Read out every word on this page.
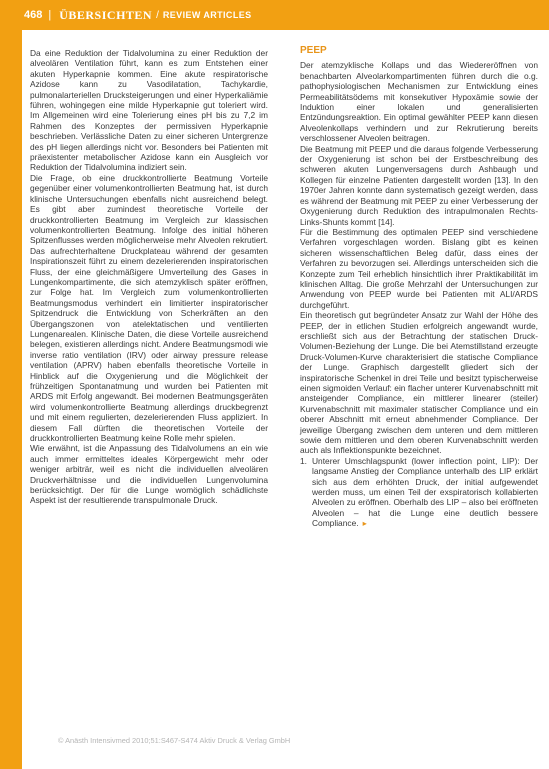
468 | ÜBERSICHTEN / REVIEW ARTICLES

Da eine Reduktion der Tidalvolumina zu einer Reduktion der alveolären Ventilation führt, kann es zum Entstehen einer akuten Hyperkapnie kommen. Eine akute respiratorische Azidose kann zu Vasodilatation, Tachykardie, pulmonalarteriellen Drucksteigerungen und einer Hyperkaliämie führen, wohingegen eine milde Hyperkapnie gut toleriert wird. Im Allgemeinen wird eine Tolerierung eines pH bis zu 7,2 im Rahmen des Konzeptes der permissiven Hyperkapnie beschrieben. Verlässliche Daten zu einer sicheren Untergrenze des pH liegen allerdings nicht vor. Besonders bei Patienten mit präexistenter metabolischer Azidose kann ein Ausgleich vor Reduktion der Tidalvolumina indiziert sein.

Die Frage, ob eine druckkontrollierte Beatmung Vorteile gegenüber einer volumenkontrollierten Beatmung hat, ist durch klinische Untersuchungen ebenfalls nicht ausreichend belegt. Es gibt aber zumindest theoretische Vorteile der druckkontrollierten Beatmung im Vergleich zur klassischen volumenkontrollierten Beatmung. Infolge des initial höheren Spitzenflusses werden möglicherweise mehr Alveolen rekrutiert. Das aufrechterhaltene Druckplateau während der gesamten Inspirationszeit führt zu einem dezelerierenden inspiratorischen Fluss, der eine gleichmäßigere Umverteilung des Gases in Lungenkompartimente, die sich atemzyklisch später eröffnen, zur Folge hat. Im Vergleich zum volumenkontrollierten Beatmungsmodus verhindert ein limitierter inspiratorischer Spitzendruck die Entwicklung von Scherkräften an den Übergangszonen von atelektatischen und ventilierten Lungenarealen. Klinische Daten, die diese Vorteile ausreichend belegen, existieren allerdings nicht. Andere Beatmungsmodi wie inverse ratio ventilation (IRV) oder airway pressure release ventilation (APRV) haben ebenfalls theoretische Vorteile in Hinblick auf die Oxygenierung und die Möglichkeit der frühzeitigen Spontanatmung und wurden bei Patienten mit ARDS mit Erfolg angewandt. Bei modernen Beatmungsgeräten wird volumenkontrollierte Beatmung allerdings druckbegrenzt und mit einem regulierten, dezelerierenden Fluss appliziert. In diesem Fall dürften die theoretischen Vorteile der druckkontrollierten Beatmung keine Rolle mehr spielen.

Wie erwähnt, ist die Anpassung des Tidalvolumens an ein wie auch immer ermitteltes ideales Körpergewicht mehr oder weniger arbiträr, weil es nicht die individuellen alveolären Druckverhältnisse und die individuellen Lungenvolumina berücksichtigt. Der für die Lunge womöglich schädlichste Aspekt ist der resultierende transpulmonale Druck.

PEEP

Der atemzyklische Kollaps und das Wiedereröffnen von benachbarten Alveolarkompartimenten führen durch die o.g. pathophysiologischen Mechanismen zur Entwicklung eines Permeabilitätsödems mit konsekutiver Hypoxämie sowie der Induktion einer lokalen und generalisierten Entzündungsreaktion. Ein optimal gewählter PEEP kann diesen Alveolenkollaps verhindern und zur Rekrutierung bereits verschlossener Alveolen beitragen.

Die Beatmung mit PEEP und die daraus folgende Verbesserung der Oxygenierung ist schon bei der Erstbeschreibung des schweren akuten Lungenversagens durch Ashbaugh und Kollegen für einzelne Patienten dargestellt worden [13]. In den 1970er Jahren konnte dann systematisch gezeigt werden, dass es während der Beatmung mit PEEP zu einer Verbesserung der Oxygenierung durch Reduktion des intrapulmonalen Rechts-Links-Shunts kommt [14].

Für die Bestimmung des optimalen PEEP sind verschiedene Verfahren vorgeschlagen worden. Bislang gibt es keinen sicheren wissenschaftlichen Beleg dafür, dass eines der Verfahren zu bevorzugen sei. Allerdings unterscheiden sich die Konzepte zum Teil erheblich hinsichtlich ihrer Praktikabilität im klinischen Alltag. Die große Mehrzahl der Untersuchungen zur Anwendung von PEEP wurde bei Patienten mit ALI/ARDS durchgeführt.

Ein theoretisch gut begründeter Ansatz zur Wahl der Höhe des PEEP, der in etlichen Studien erfolgreich angewandt wurde, erschließt sich aus der Betrachtung der statischen Druck-Volumen-Beziehung der Lunge. Die bei Atemstillstand erzeugte Druck-Volumen-Kurve charakterisiert die statische Compliance der Lunge. Graphisch dargestellt gliedert sich der inspiratorische Schenkel in drei Teile und besitzt typischerweise einen sigmoiden Verlauf: ein flacher unterer Kurvenabschnitt mit ansteigender Compliance, ein mittlerer linearer (steiler) Kurvenabschnitt mit maximaler statischer Compliance und ein oberer Abschnitt mit erneut abnehmender Compliance. Der jeweilige Übergang zwischen dem unteren und dem mittleren sowie dem mittleren und dem oberen Kurvenabschnitt werden auch als Inflektionspunkte bezeichnet.

1. Unterer Umschlagspunkt (lower inflection point, LIP): Der langsame Anstieg der Compliance unterhalb des LIP erklärt sich aus dem erhöhten Druck, der initial aufgewendet werden muss, um einen Teil der exspiratorisch kollabierten Alveolen zu eröffnen. Oberhalb des LIP – also bei eröffneten Alveolen – hat die Lunge eine deutlich bessere Compliance. ▸
© Anästh Intensivmed 2010;51:S467-S474 Aktiv Druck & Verlag GmbH
